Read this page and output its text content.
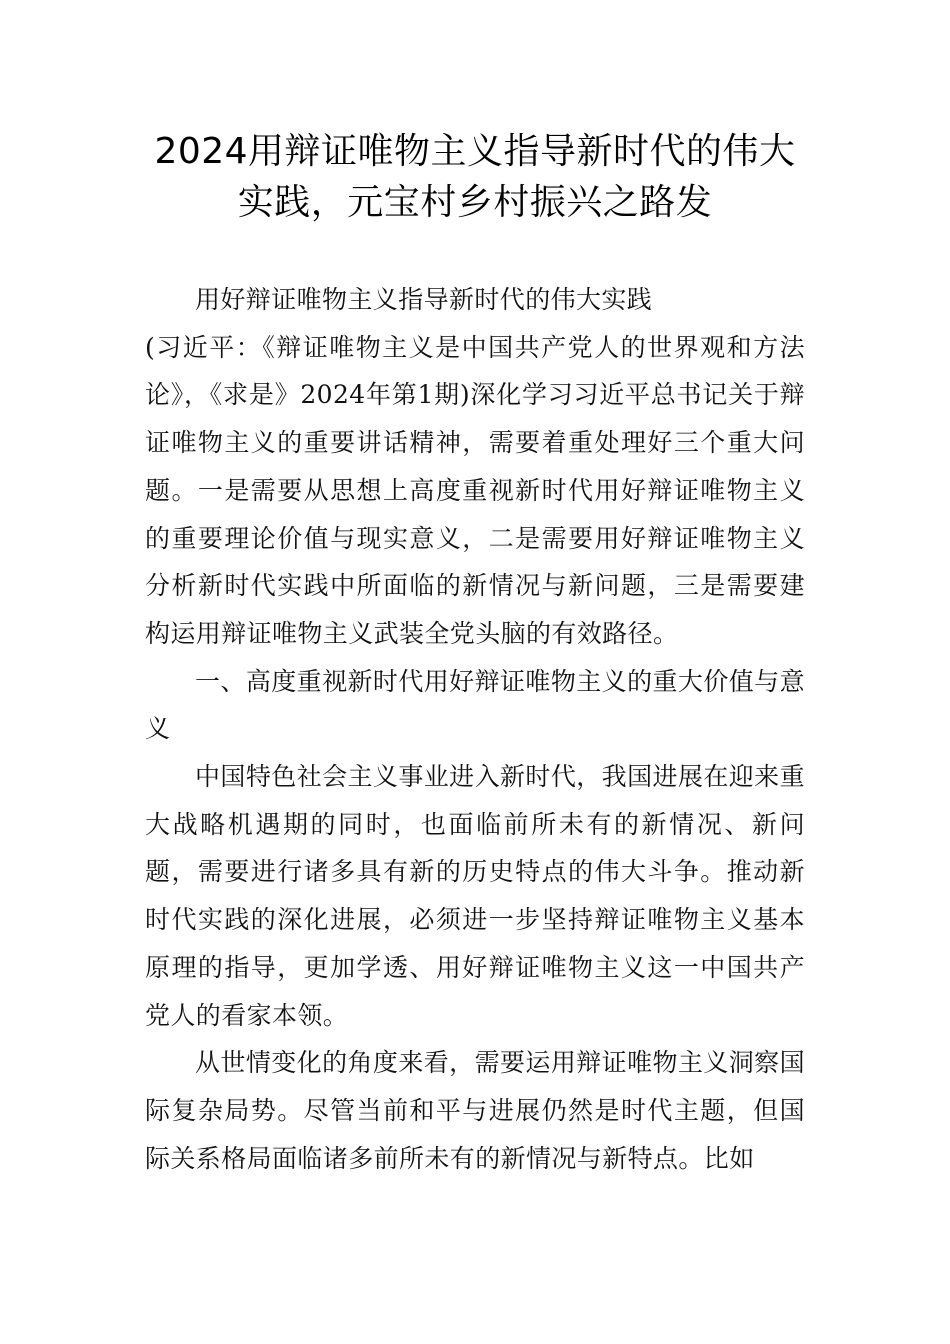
2024用辩证唯物主义指导新时代的伟大
实践，元宝村乡村振兴之路发

用好辩证唯物主义指导新时代的伟大实践

(习近平：《辩证唯物主义是中国共产党人的世界观和方法论》，《求是》2024年第1期)深化学习习近平总书记关于辩证唯物主义的重要讲话精神，需要着重处理好三个重大问题。一是需要从思想上高度重视新时代用好辩证唯物主义的重要理论价值与现实意义，二是需要用好辩证唯物主义分析新时代实践中所面临的新情况与新问题，三是需要建构运用辩证唯物主义武装全党头脑的有效路径。

一、高度重视新时代用好辩证唯物主义的重大价值与意义

中国特色社会主义事业进入新时代，我国进展在迎来重大战略机遇期的同时，也面临前所未有的新情况、新问题，需要进行诸多具有新的历史特点的伟大斗争。推动新时代实践的深化进展，必须进一步坚持辩证唯物主义基本原理的指导，更加学透、用好辩证唯物主义这一中国共产党人的看家本领。

从世情变化的角度来看，需要运用辩证唯物主义洞察国际复杂局势。尽管当前和平与进展仍然是时代主题，但国际关系格局面临诸多前所未有的新情况与新特点。比如
